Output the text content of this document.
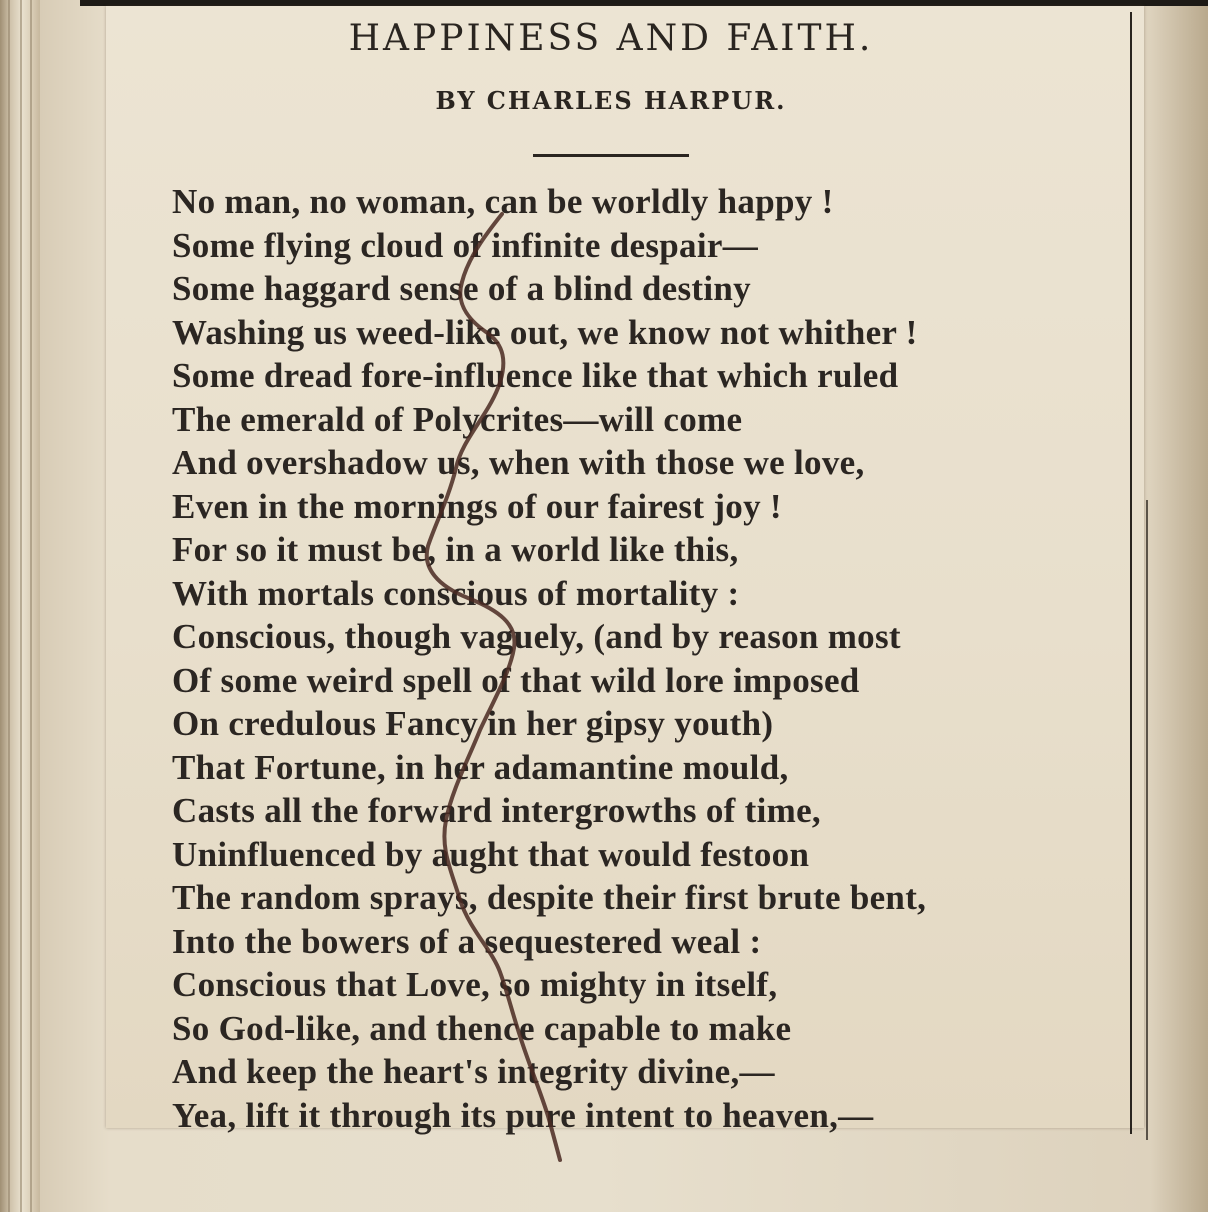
HAPPINESS AND FAITH.
BY CHARLES HARPUR.
No man, no woman, can be worldly happy !
Some flying cloud of infinite despair—
Some haggard sense of a blind destiny
Washing us weed-like out, we know not whither !
Some dread fore-influence like that which ruled
The emerald of Polycrites—will come
And overshadow us, when with those we love,
Even in the mornings of our fairest joy !
For so it must be, in a world like this,
With mortals conscious of mortality :
Conscious, though vaguely, (and by reason most
Of some weird spell of that wild lore imposed
On credulous Fancy in her gipsy youth)
That Fortune, in her adamantine mould,
Casts all the forward intergrowths of time,
Uninfluenced by aught that would festoon
The random sprays, despite their first brute bent,
Into the bowers of a sequestered weal :
Conscious that Love, so mighty in itself,
So God-like, and thence capable to make
And keep the heart's integrity divine,—
Yea, lift it through its pure intent to heaven,—
